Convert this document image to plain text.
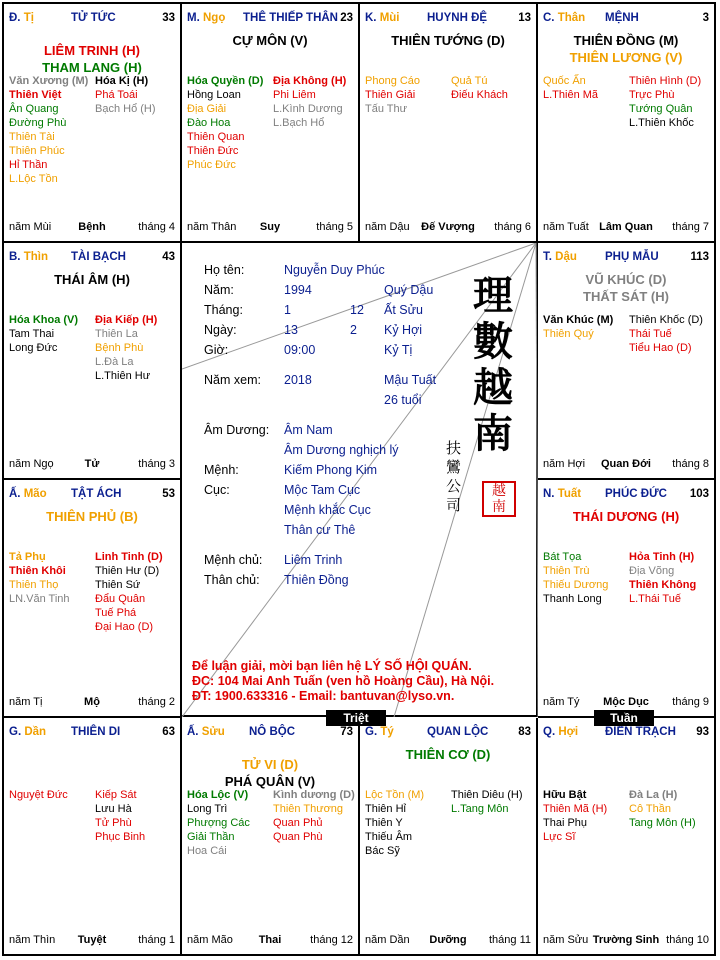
Đ. Tị	TỬ TỨC	33
LIÊM TRINH (H)
THAM LANG (H)
Văn Xương (M)
Thiên Việt
Ân Quang
Đường Phù
Thiên Tài
Thiên Phúc
Hỉ Thần
L.Lộc Tồn
Hóa Kị (H)
Phá Toái
Bạch Hổ (H)
năm Mùi	Bệnh	tháng 4
M. Ngọ THÊ THIẾP THÂN 23
CỰ MÔN (V)
Hóa Quyền (D)
Hồng Loan
Địa Giải
Đào Hoa
Thiên Quan
Thiên Đức
Phúc Đức
Địa Không (H)
Phi Liêm
L.Kình Dương
L.Bạch Hổ
năm Thân	Suy	tháng 5
K. Mùi HUYNH ĐỆ	13
THIÊN TƯỚNG (D)
Phong Cáo
Thiên Giải
Tấu Thư
Quả Tú
Điếu Khách
năm Dậu	Đế Vượng	tháng 6
C. Thân MỆNH	3
THIÊN ĐỒNG (M)
THIÊN LƯƠNG (V)
Quốc Ấn
L.Thiên Mã
Thiên Hình (D)
Trực Phù
Tướng Quân
L.Thiên Khốc
năm Tuất Lâm Quan	tháng 7
B. Thìn TÀI BẠCH	43
THÁI ÂM (H)
Hóa Khoa (V)
Tam Thai
Long Đức
Địa Kiếp (H)
Thiên La
Bệnh Phù
L.Đà La
L.Thiên Hư
năm Ngọ	Tử	tháng 3
T. Dậu PHỤ MẪU	113
VŨ KHÚC (D)
THẤT SÁT (H)
Văn Khúc (M)
Thiên Quý
Thiên Khốc (D)
Thái Tuế
Tiểu Hao (D)
năm Hợi	Quan Đới	tháng 8
Ấ. Mão TẬT ÁCH	53
THIÊN PHỦ (B)
Tả Phụ
Thiên Khôi
Thiên Thọ
LN.Văn Tinh
Linh Tinh (D)
Thiên Hư (D)
Thiên Sứ
Đẩu Quân
Tuế Phá
Đại Hao (D)
năm Tị	Mộ	tháng 2
N. Tuất PHÚC ĐỨC 103
THÁI DƯƠNG (H)
Bát Tọa
Thiên Trù
Thiếu Dương
Thanh Long
Hỏa Tinh (H)
Địa Võng
Thiên Không
L.Thái Tuế
năm Tý	Mộc Dục	tháng 9
G. Dần THIÊN DI	63
Nguyệt Đức Kiếp Sát
Lưu Hà
Tử Phù
Phục Binh
năm Thìn	Tuyệt	tháng 1
Ấ. Sửu NÔ BỘC	73
TỬ VI (D)
PHÁ QUÂN (V)
Hóa Lộc (V)
Long Trì
Phượng Các
Giải Thần
Hoa Cái
Kình dương (D)
Thiên Thương
Quan Phủ
Quan Phù
năm Mão	Thai	tháng 12
G. Tý	QUAN LỘC	83
THIÊN CƠ (D)
Lộc Tồn (M)
Thiên Hỉ
Thiên Y
Thiếu Âm
Bác Sỹ
Thiên Diêu (H)
L.Tang Môn
năm Dần	Dưỡng	tháng 11
Q. Hợi ĐIỀN TRẠCH 93
Hữu Bật
Thiên Mã (H)
Thai Phụ
Lực Sĩ
Đà La (H)
Cô Thần
Tang Môn (H)
năm Sửu Trường Sinh tháng 10
Họ tên:	Nguyễn Duy Phúc
Năm:	1994	Quý Dậu
Tháng:	1	12 Ất Sửu
Ngày:	13	2 Kỷ Hợi
Giờ:	09:00	Kỷ Tị
Năm xem: 2018	Mậu Tuất
26 tuổi
Âm Dương: Âm Nam
Âm Dương nghịch lý
Mệnh:	Kiếm Phong Kim
Cục:	Mộc Tam Cục
Mệnh khắc Cục
Thân cư Thê
Mệnh chủ: Liêm Trinh
Thân chủ: Thiên Đồng
理
數
越
南
扶
鸞
公
司
越
南
Để luận giải, mời bạn liên hệ LÝ SỐ HỘI QUÁN.
ĐC: 104 Mai Anh Tuấn (ven hồ Hoàng Cầu), Hà Nội.
ĐT: 1900.633316 - Email: bantuvan@lyso.vn.
Triệt	Tuần
